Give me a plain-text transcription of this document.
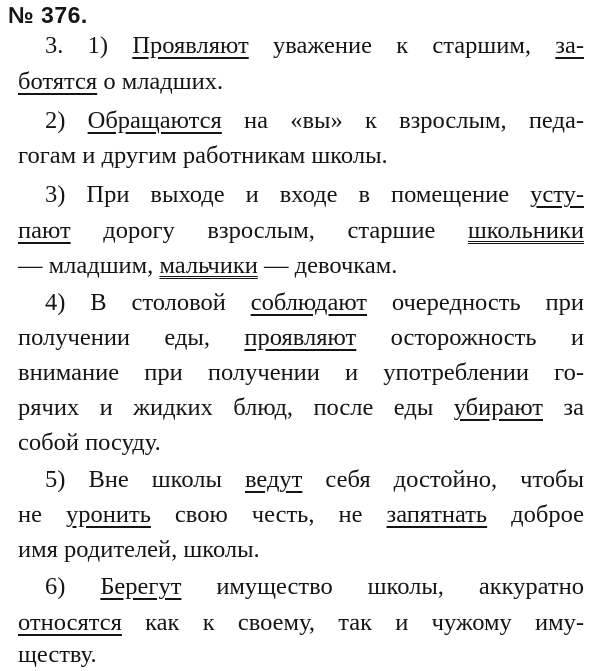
№ 376.
3. 1) Проявляют уважение к старшим, за-
ботятся о младших.
2) Обращаются на «вы» к взрослым, педа-
гогам и другим работникам школы.
3) При выходе и входе в помещение усту-
пают дорогу взрослым, старшие школьники
— младшим, мальчики — девочкам.
4) В столовой соблюдают очередность при
получении еды, проявляют осторожность и
внимание при получении и употреблении го-
рячих и жидких блюд, после еды убирают за
собой посуду.
5) Вне школы ведут себя достойно, чтобы
не уронить свою честь, не запятнать доброе
имя родителей, школы.
6) Берегут имущество школы, аккуратно
относятся как к своему, так и чужому иму-
ществу.
